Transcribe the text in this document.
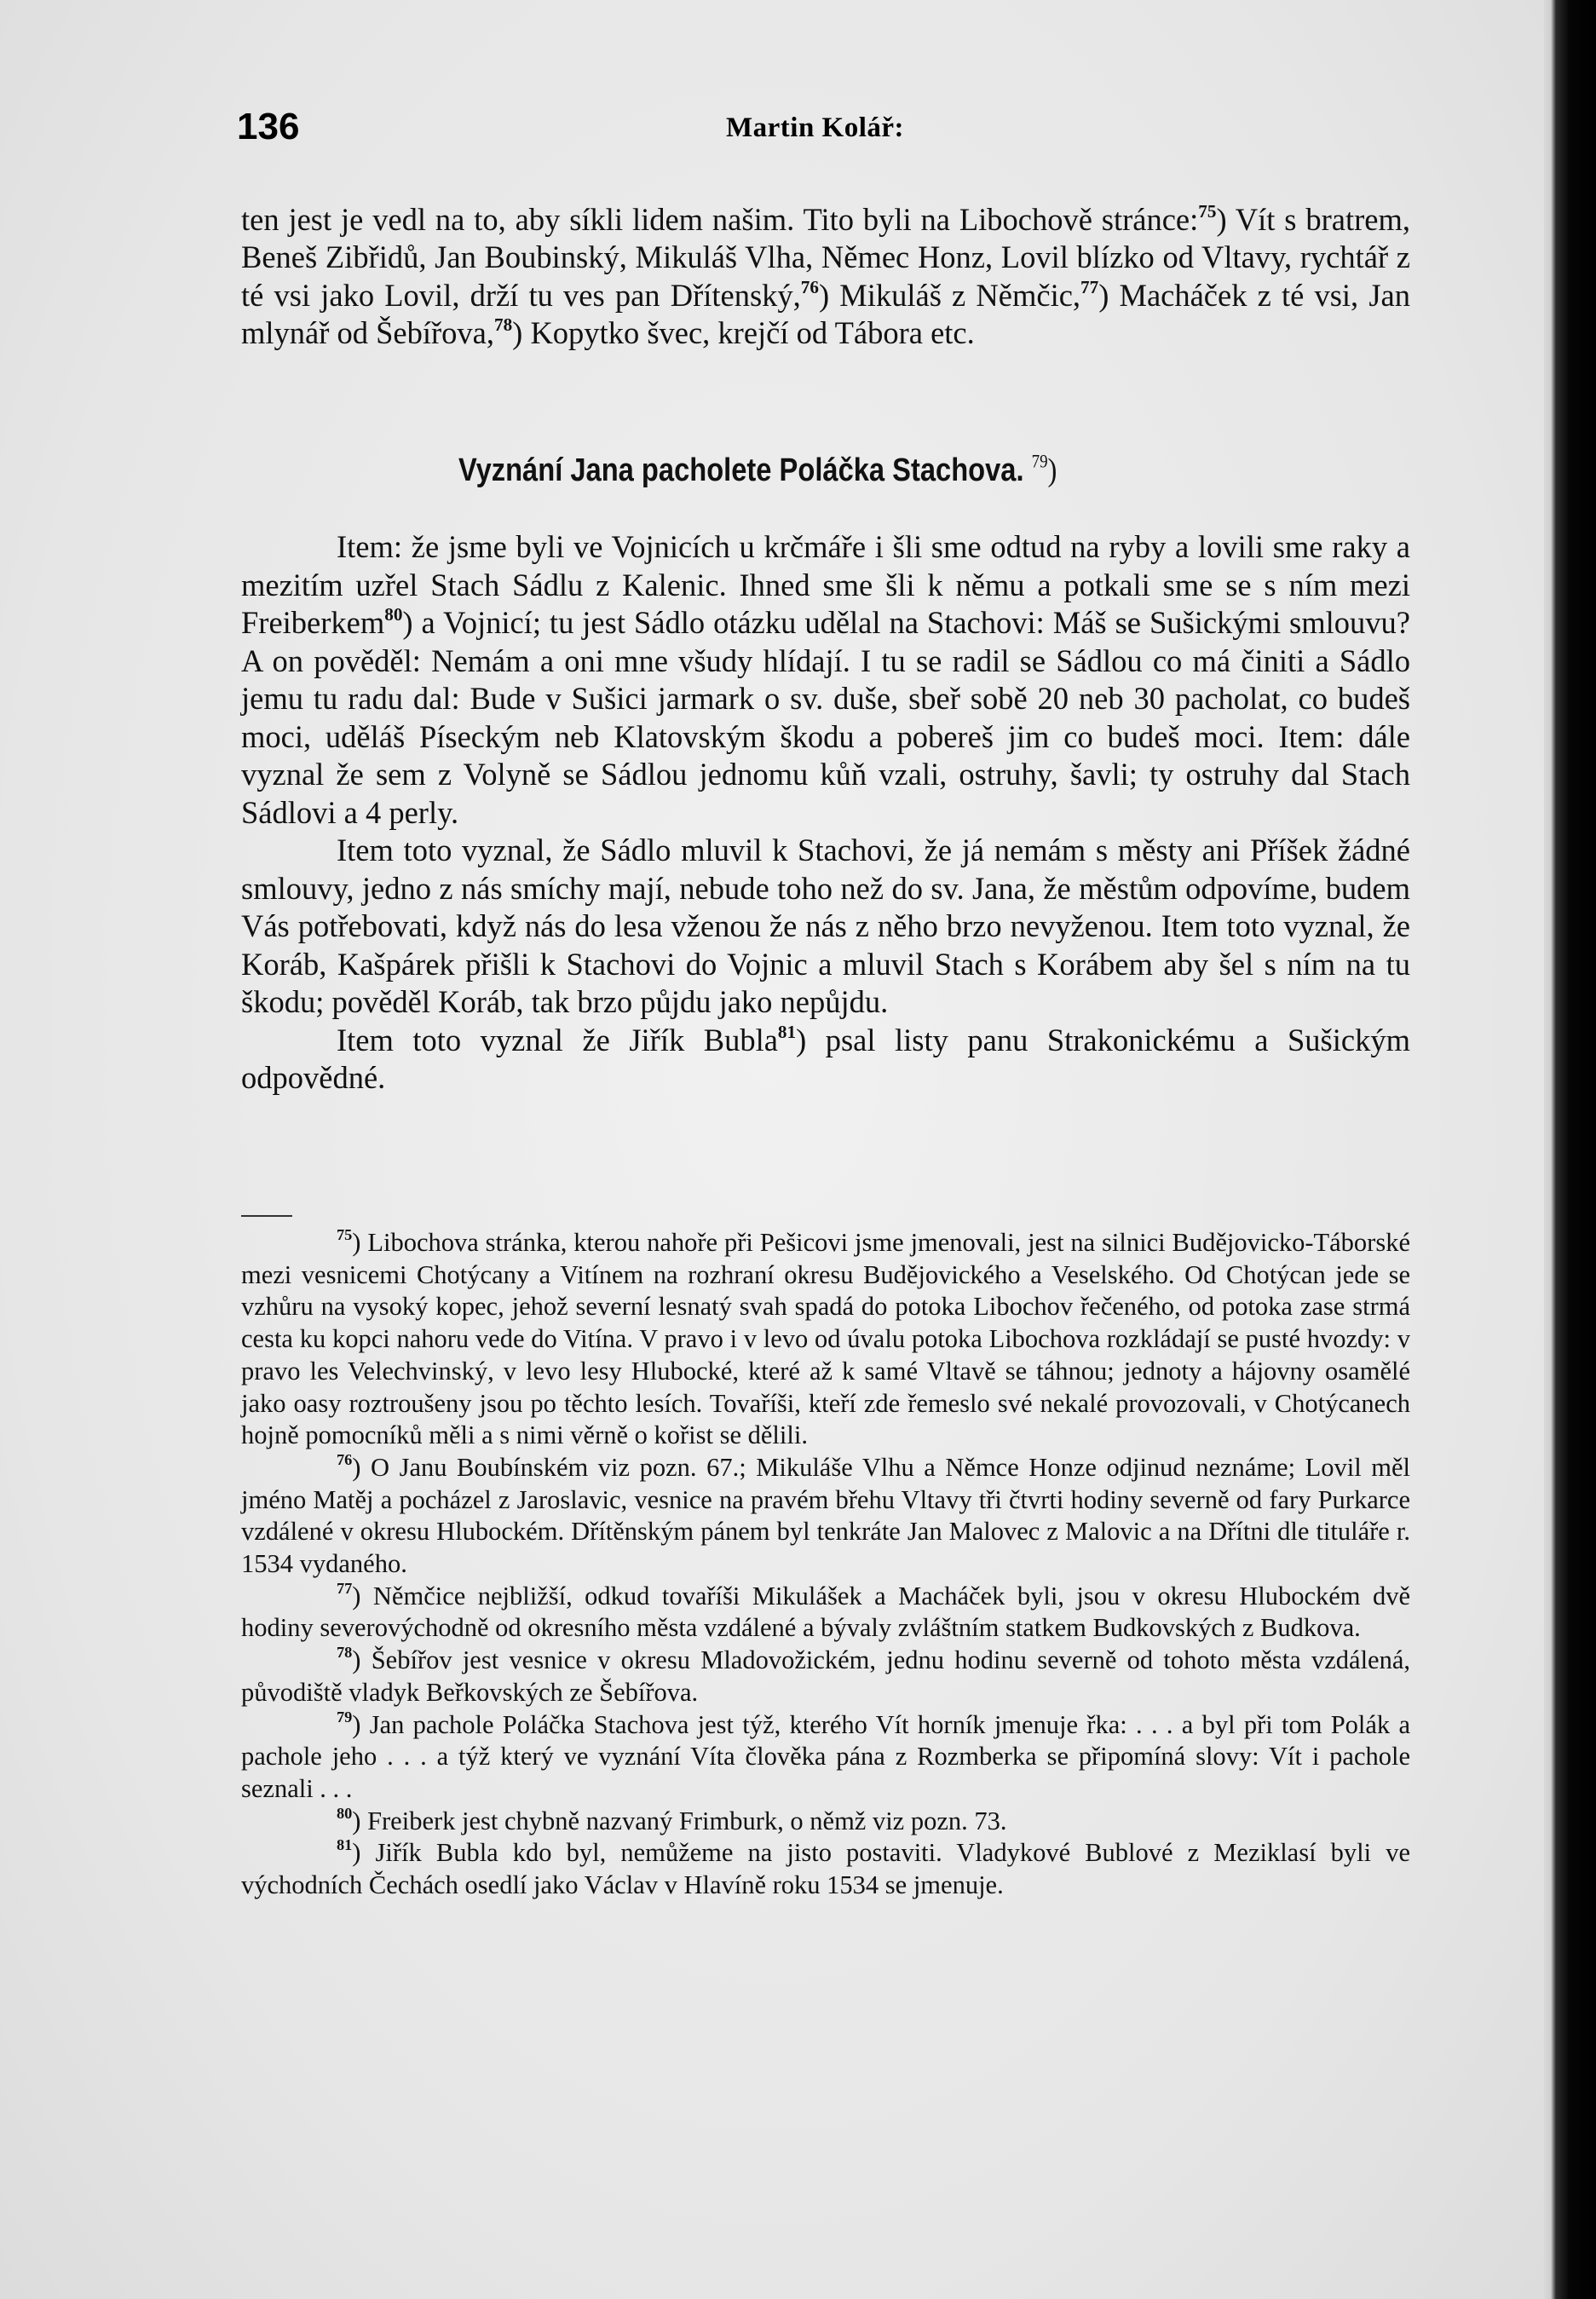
136	Martin Kolář:

ten jest je vedl na to, aby síkli lidem našim. Tito byli na Libochově stránce:$^{75}$) Vít s bratrem, Beneš Zibřidů, Jan Boubinský, Mikuláš Vlha, Němec Honz, Lovil blízko od Vltavy, rychtář z té vsi jako Lovil, drží tu ves pan Dřítenský,$^{76}$) Mikuláš z Němčic,$^{77}$) Macháček z té vsi, Jan mlynář od Šebířova,$^{78}$) Kopytko švec, krejčí od Tábora etc.

Vyznání Jana pacholete Poláčka Stachova. $^{79}$)

Item: že jsme byli ve Vojnicích u krčmáře i šli sme odtud na ryby a lovili sme raky a mezitím uzřel Stach Sádlu z Kalenic. Ihned sme šli k němu a potkali sme se s ním mezi Freiberkem$^{80}$) a Vojnicí; tu jest Sádlo otázku udělal na Stachovi: Máš se Sušickými smlouvu? A on pověděl: Nemám a oni mne všudy hlídají. I tu se radil se Sádlou co má činiti a Sádlo jemu tu radu dal: Bude v Sušici jarmark o sv. duše, sbeř sobě 20 neb 30 pacholat, co budeš moci, uděláš Píseckým neb Klatovským škodu a pobereš jim co budeš moci. Item: dále vyznal že sem z Volyně se Sádlou jednomu kůň vzali, ostruhy, šavli; ty ostruhy dal Stach Sádlovi a 4 perly.

Item toto vyznal, že Sádlo mluvil k Stachovi, že já nemám s městy ani Příšek žádné smlouvy, jedno z nás smíchy mají, nebude toho než do sv. Jana, že městům odpovíme, budem Vás potřebovati, když nás do lesa vženou že nás z něho brzo nevyženou. Item toto vyznal, že Koráb, Kašpárek přišli k Stachovi do Vojnic a mluvil Stach s Korábem aby šel s ním na tu škodu; pověděl Koráb, tak brzo půjdu jako nepůjdu.

Item toto vyznal že Jiřík Bubla$^{81}$) psal listy panu Strakonickému a Sušickým odpovědné.

$^{75}$) Libochova stránka, kterou nahoře při Pešicovi jsme jmenovali, jest na silnici Budějovicko-Táborské mezi vesnicemi Chotýcany a Vitínem na rozhraní okresu Budějovického a Veselského. Od Chotýcan jede se vzhůru na vysoký kopec, jehož severní lesnatý svah spadá do potoka Libochov řečeného, od potoka zase strmá cesta ku kopci nahoru vede do Vitína. V pravo i v levo od úvalu potoka Libochova rozkládají se pusté hvozdy: v pravo les Velechvinský, v levo lesy Hlubocké, které až k samé Vltavě se táhnou; jednoty a hájovny osamělé jako oasy roztroušeny jsou po těchto lesích. Tovaříši, kteří zde řemeslo své nekalé provozovali, v Chotýcanech hojně pomocníků měli a s nimi věrně o kořist se dělili.

$^{76}$) O Janu Boubínském viz pozn. 67.; Mikuláše Vlhu a Němce Honze odjinud neznáme; Lovil měl jméno Matěj a pocházel z Jaroslavic, vesnice na pravém břehu Vltavy tři čtvrti hodiny severně od fary Purkarce vzdálené v okresu Hlubockém. Dřítěnským pánem byl tenkráte Jan Malovec z Malovic a na Dřítni dle tituláře r. 1534 vydaného.

$^{77}$) Němčice nejbližší, odkud tovaříši Mikulášek a Macháček byli, jsou v okresu Hlubockém dvě hodiny severovýchodně od okresního města vzdálené a bývaly zvláštním statkem Budkovských z Budkova.

$^{78}$) Šebířov jest vesnice v okresu Mladovožickém, jednu hodinu severně od tohoto města vzdálená, původiště vladyk Beřkovských ze Šebířova.

$^{79}$) Jan pachole Poláčka Stachova jest týž, kterého Vít horník jmenuje řka: . . . a byl při tom Polák a pachole jeho . . . a týž který ve vyznání Víta člověka pána z Rozmberka se připomíná slovy: Vít i pachole seznali . . .

$^{80}$) Freiberk jest chybně nazvaný Frimburk, o němž viz pozn. 73.

$^{81}$) Jiřík Bubla kdo byl, nemůžeme na jisto postaviti. Vladykové Bublové z Meziklasí byli ve východních Čechách osedlí jako Václav v Hlavíně roku 1534 se jmenuje.
